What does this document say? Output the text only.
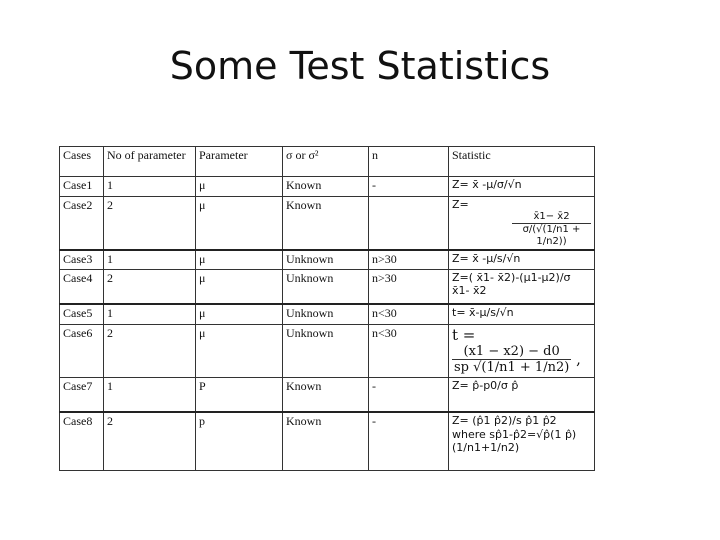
Some Test Statistics
Cases	No of parameter	Parameter	σ or σ²	n	Statistic
Case1	1	μ	Known	-	Z= x̄ -μ/σ/√n
Case2	2	μ	Known		Z=
$\frac{x̄1- x̄2}{\sigma/(√(1/n1 + 1/n2))}$

Case3	1	μ	Unknown	n>30	Z= x̄ -μ/s/√n
Case4	2	μ	Unknown	n>30	Z=( x̄1- x̄2)-(μ1-μ2)/σ x̄1- x̄2
Case5	1	μ	Unknown	n<30	t= x̄-μ/s/√n
Case6	2	μ	Unknown	n<30	t =
$\frac{(x1 - x2) - d0}{sp √(1/n1 + 1/n2)}$ ,
Case7	1	P	Known	-	Z= p̂-p0/σ p̂
Case8	2	p	Known	-	Z= (p̂1 p̂2)/s p̂1 p̂2 where sp̂1-p̂2=√p̂(1 p̂)(1/n1+1/n2)
